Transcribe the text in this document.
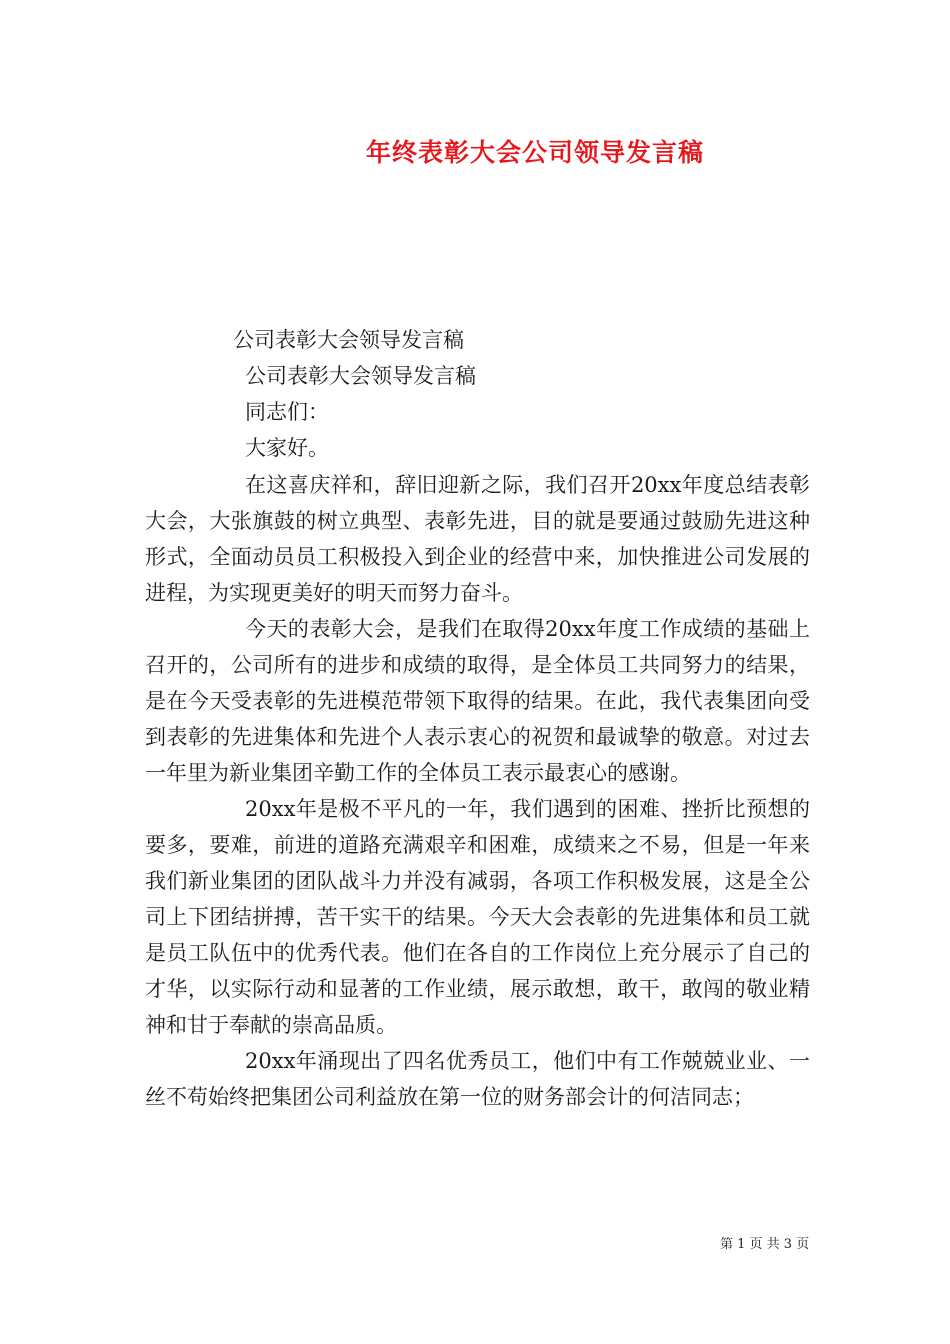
年终表彰大会公司领导发言稿
公司表彰大会领导发言稿
公司表彰大会领导发言稿
同志们：
大家好。

在这喜庆祥和，辞旧迎新之际，我们召开20xx年度总结表彰大会，大张旗鼓的树立典型、表彰先进，目的就是要通过鼓励先进这种形式，全面动员员工积极投入到企业的经营中来，加快推进公司发展的进程，为实现更美好的明天而努力奋斗。

今天的表彰大会，是我们在取得20xx年度工作成绩的基础上召开的，公司所有的进步和成绩的取得，是全体员工共同努力的结果，是在今天受表彰的先进模范带领下取得的结果。在此，我代表集团向受到表彰的先进集体和先进个人表示衷心的祝贺和最诚挚的敬意。对过去一年里为新业集团辛勤工作的全体员工表示最衷心的感谢。

20xx年是极不平凡的一年，我们遇到的困难、挫折比预想的要多，要难，前进的道路充满艰辛和困难，成绩来之不易，但是一年来我们新业集团的团队战斗力并没有减弱，各项工作积极发展，这是全公司上下团结拼搏，苦干实干的结果。今天大会表彰的先进集体和员工就是员工队伍中的优秀代表。他们在各自的工作岗位上充分展示了自己的才华，以实际行动和显著的工作业绩，展示敢想，敢干，敢闯的敬业精神和甘于奉献的崇高品质。

20xx年涌现出了四名优秀员工，他们中有工作兢兢业业、一丝不苟始终把集团公司利益放在第一位的财务部会计的何洁同志；

第 1 页 共 3 页
